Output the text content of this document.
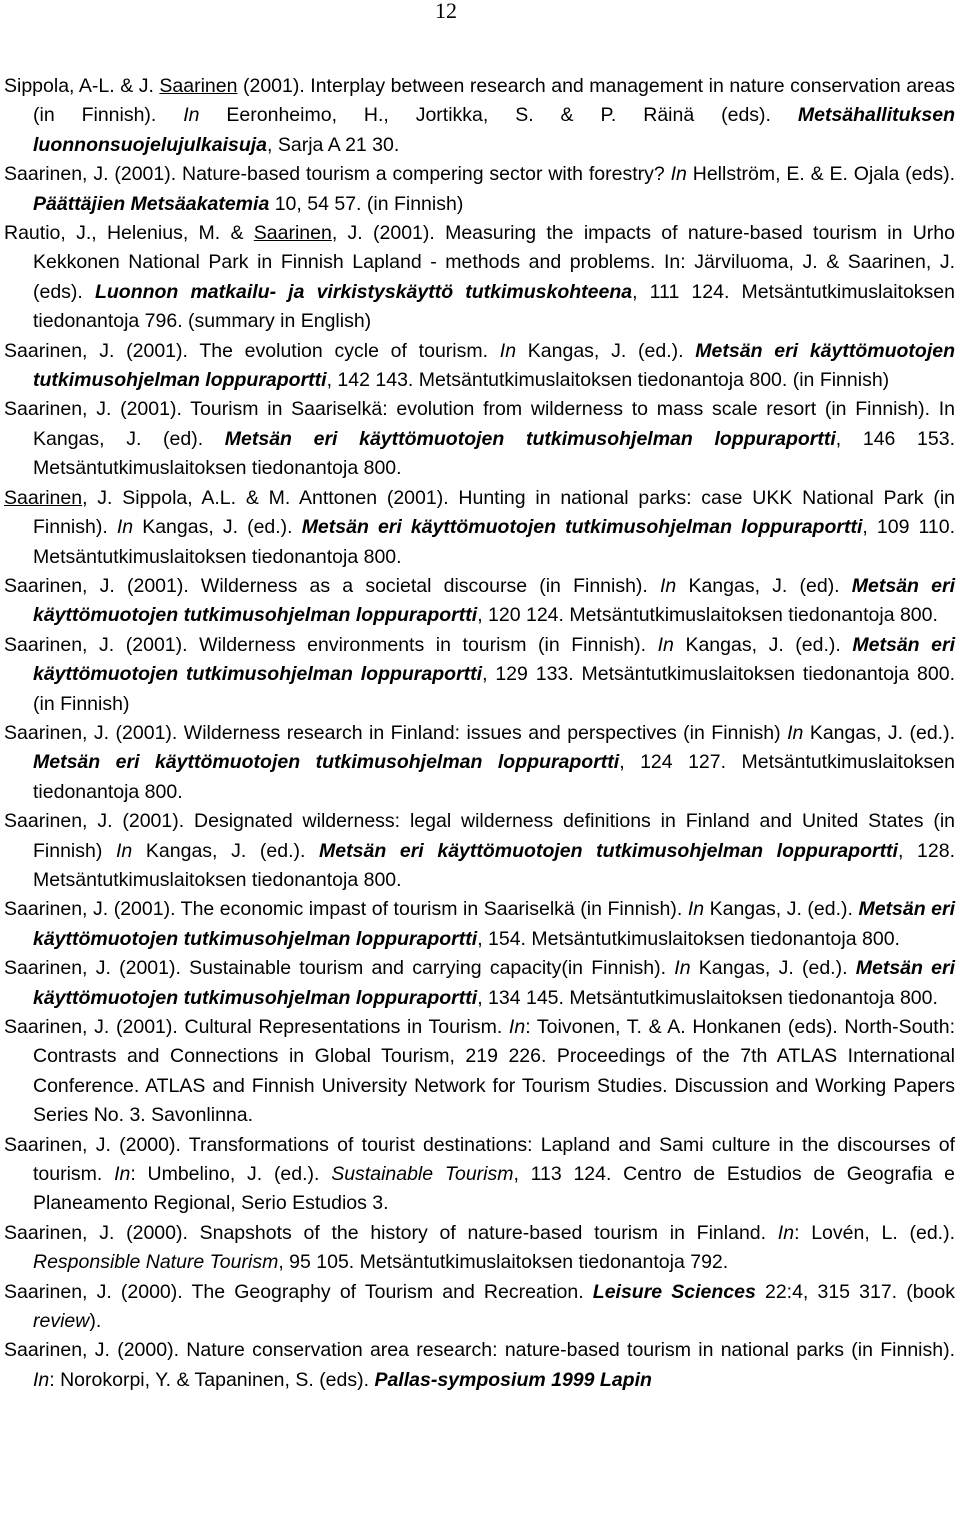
12

Sippola, A-L. & J. Saarinen (2001). Interplay between research and management in nature conservation areas (in Finnish). In Eeronheimo, H., Jortikka, S. & P. Räinä (eds). Metsähallituksen luonnonsuojelujulkaisuja, Sarja A 21 30.

Saarinen, J. (2001). Nature-based tourism a compering sector with forestry? In Hellström, E. & E. Ojala (eds). Päättäjien Metsäakatemia 10, 54 57. (in Finnish)

Rautio, J., Helenius, M. & Saarinen, J. (2001). Measuring the impacts of nature-based tourism in Urho Kekkonen National Park in Finnish Lapland - methods and problems. In: Järviluoma, J. & Saarinen, J. (eds). Luonnon matkailu- ja virkistyskäyttö tutkimuskohteena, 111 124. Metsäntutkimuslaitoksen tiedonantoja 796. (summary in English)

Saarinen, J. (2001). The evolution cycle of tourism. In Kangas, J. (ed.). Metsän eri käyttömuotojen tutkimusohjelman loppuraportti, 142 143. Metsäntutkimuslaitoksen tiedonantoja 800. (in Finnish)

Saarinen, J. (2001). Tourism in Saariselkä: evolution from wilderness to mass scale resort (in Finnish). In Kangas, J. (ed). Metsän eri käyttömuotojen tutkimusohjelman loppuraportti, 146 153. Metsäntutkimuslaitoksen tiedonantoja 800.

Saarinen, J. Sippola, A.L. & M. Anttonen (2001). Hunting in national parks: case UKK National Park (in Finnish). In Kangas, J. (ed.). Metsän eri käyttömuotojen tutkimusohjelman loppuraportti, 109 110. Metsäntutkimuslaitoksen tiedonantoja 800.

Saarinen, J. (2001). Wilderness as a societal discourse (in Finnish). In Kangas, J. (ed). Metsän eri käyttömuotojen tutkimusohjelman loppuraportti, 120 124. Metsäntutkimuslaitoksen tiedonantoja 800.

Saarinen, J. (2001). Wilderness environments in tourism (in Finnish). In Kangas, J. (ed.). Metsän eri käyttömuotojen tutkimusohjelman loppuraportti, 129 133. Metsäntutkimuslaitoksen tiedonantoja 800. (in Finnish)

Saarinen, J. (2001). Wilderness research in Finland: issues and perspectives (in Finnish) In Kangas, J. (ed.). Metsän eri käyttömuotojen tutkimusohjelman loppuraportti, 124 127. Metsäntutkimuslaitoksen tiedonantoja 800.

Saarinen, J. (2001). Designated wilderness: legal wilderness definitions in Finland and United States (in Finnish) In Kangas, J. (ed.). Metsän eri käyttömuotojen tutkimusohjelman loppuraportti, 128. Metsäntutkimuslaitoksen tiedonantoja 800.

Saarinen, J. (2001). The economic impast of tourism in Saariselkä (in Finnish). In Kangas, J. (ed.). Metsän eri käyttömuotojen tutkimusohjelman loppuraportti, 154. Metsäntutkimuslaitoksen tiedonantoja 800.

Saarinen, J. (2001). Sustainable tourism and carrying capacity(in Finnish). In Kangas, J. (ed.). Metsän eri käyttömuotojen tutkimusohjelman loppuraportti, 134 145. Metsäntutkimuslaitoksen tiedonantoja 800.

Saarinen, J. (2001). Cultural Representations in Tourism. In: Toivonen, T. & A. Honkanen (eds). North-South: Contrasts and Connections in Global Tourism, 219 226. Proceedings of the 7th ATLAS International Conference. ATLAS and Finnish University Network for Tourism Studies. Discussion and Working Papers Series No. 3. Savonlinna.

Saarinen, J. (2000). Transformations of tourist destinations: Lapland and Sami culture in the discourses of tourism. In: Umbelino, J. (ed.). Sustainable Tourism, 113 124. Centro de Estudios de Geografia e Planeamento Regional, Serio Estudios 3.

Saarinen, J. (2000). Snapshots of the history of nature-based tourism in Finland. In: Lovén, L. (ed.). Responsible Nature Tourism, 95 105. Metsäntutkimuslaitoksen tiedonantoja 792.

Saarinen, J. (2000). The Geography of Tourism and Recreation. Leisure Sciences 22:4, 315 317. (book review).

Saarinen, J. (2000). Nature conservation area research: nature-based tourism in national parks (in Finnish). In: Norokorpi, Y. & Tapaninen, S. (eds). Pallas-symposium 1999 Lapin
